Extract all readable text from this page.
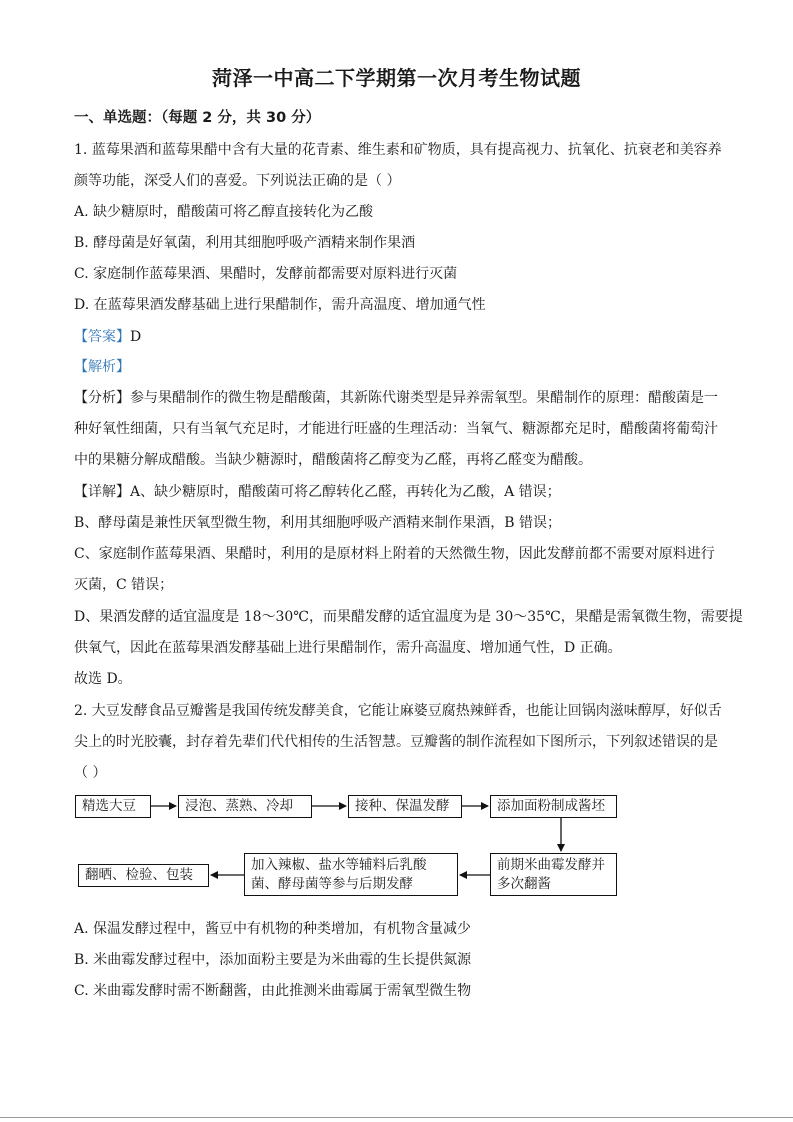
菏泽一中高二下学期第一次月考生物试题
一、单选题：（每题 2 分，共 30 分）
1. 蓝莓果酒和蓝莓果醋中含有大量的花青素、维生素和矿物质，具有提高视力、抗氧化、抗衰老和美容养
颜等功能，深受人们的喜爱。下列说法正确的是（ ）
A. 缺少糖原时，醋酸菌可将乙醇直接转化为乙酸
B. 酵母菌是好氧菌，利用其细胞呼吸产酒精来制作果酒
C. 家庭制作蓝莓果酒、果醋时，发酵前都需要对原料进行灭菌
D. 在蓝莓果酒发酵基础上进行果醋制作，需升高温度、增加通气性
【答案】D
【解析】
【分析】参与果醋制作的微生物是醋酸菌，其新陈代谢类型是异养需氧型。果醋制作的原理：醋酸菌是一
种好氧性细菌，只有当氧气充足时，才能进行旺盛的生理活动：当氧气、糖源都充足时，醋酸菌将葡萄汁
中的果糖分解成醋酸。当缺少糖源时，醋酸菌将乙醇变为乙醛，再将乙醛变为醋酸。
【详解】A、缺少糖原时，醋酸菌可将乙醇转化乙醛，再转化为乙酸，A 错误；
B、酵母菌是兼性厌氧型微生物，利用其细胞呼吸产酒精来制作果酒，B 错误；
C、家庭制作蓝莓果酒、果醋时，利用的是原材料上附着的天然微生物，因此发酵前都不需要对原料进行
灭菌，C 错误；
D、果酒发酵的适宜温度是 18～30℃，而果醋发酵的适宜温度为是 30～35℃，果醋是需氧微生物，需要提
供氧气，因此在蓝莓果酒发酵基础上进行果醋制作，需升高温度、增加通气性，D 正确。
故选 D。
2. 大豆发酵食品豆瓣酱是我国传统发酵美食，它能让麻婆豆腐热辣鲜香，也能让回锅肉滋味醇厚，好似舌
尖上的时光胶囊，封存着先辈们代代相传的生活智慧。豆瓣酱的制作流程如下图所示，下列叙述错误的是
（ ）
精选大豆	浸泡、蒸熟、冷却	接种、保温发酵	添加面粉制成酱坯
前期米曲霉发酵并多次翻酱
加入辣椒、盐水等辅料后乳酸菌、酵母菌等参与后期发酵
翻晒、检验、包装
A. 保温发酵过程中，酱豆中有机物的种类增加，有机物含量减少
B. 米曲霉发酵过程中，添加面粉主要是为米曲霉的生长提供氮源
C. 米曲霉发酵时需不断翻酱，由此推测米曲霉属于需氧型微生物
